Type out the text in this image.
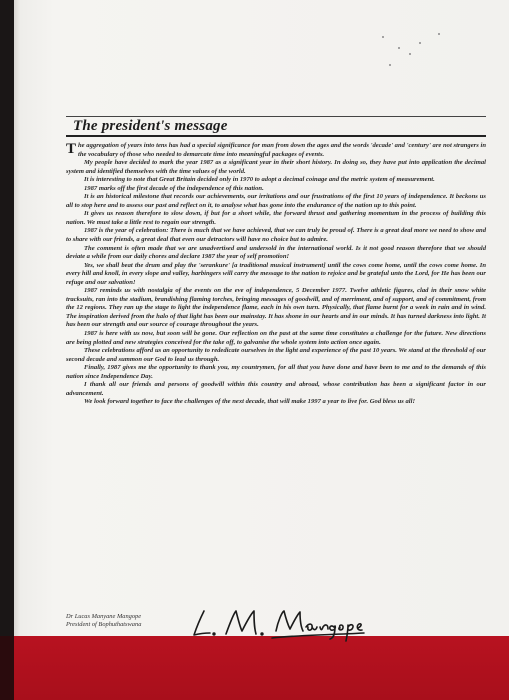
The president's message

The aggregation of years into tens has had a special significance for man from down the ages and the words 'decade' and 'century' are not strangers in the vocabulary of those who needed to demarcate time into meaningful packages of events.

My people have decided to mark the year 1987 as a significant year in their short history. In doing so, they have put into application the decimal system and identified themselves with the time values of the world.

It is interesting to note that Great Britain decided only in 1970 to adopt a decimal coinage and the metric system of measurement.

1987 marks off the first decade of the independence of this nation.

It is an historical milestone that records our achievements, our irritations and our frustrations of the first 10 years of independence. It beckons us all to stop here and to assess our past and reflect on it, to analyse what has gone into the endurance of the nation up to this point.

It gives us reason therefore to slow down, if but for a short while, the forward thrust and gathering momentum in the process of building this nation. We must take a little rest to regain our strength.

1987 is the year of celebration: There is much that we have achieved, that we can truly be proud of. There is a great deal more we need to show and to share with our friends, a great deal that even our detractors will have no choice but to admire.

The comment is often made that we are unadvertised and undersold in the international world. Is it not good reason therefore that we should deviate a while from our daily chores and declare 1987 the year of self promotion!

Yes, we shall beat the drum and play the 'serankure' [a traditional musical instrument] until the cows come home, until the cows come home. In every hill and knoll, in every slope and valley, harbingers will carry the message to the nation to rejoice and be grateful unto the Lord, for He has been our refuge and our salvation!

1987 reminds us with nostalgia of the events on the eve of independence, 5 December 1977. Twelve athletic figures, clad in their snow white tracksuits, ran into the stadium, brandishing flaming torches, bringing messages of goodwill, and of merriment, and of support, and of commitment, from the 12 regions. They ran up the stage to light the independence flame, each in his own turn. Physically, that flame burnt for a week in rain and in wind. The inspiration derived from the halo of that light has been our mainstay. It has shone in our hearts and in our minds. It has turned darkness into light. It has been our strength and our source of courage throughout the years.

1987 is here with us now, but soon will be gone. Our reflection on the past at the same time constitutes a challenge for the future. New directions are being plotted and new strategies conceived for the take off, to galvanise the whole system into action once again.

These celebrations afford us an opportunity to rededicate ourselves in the light and experience of the past 10 years. We stand at the threshold of our second decade and summon our God to lead us through.

Finally, 1987 gives me the opportunity to thank you, my countrymen, for all that you have done and have been to me and to the demands of this nation since Independence Day.

I thank all our friends and persons of goodwill within this country and abroad, whose contribution has been a significant factor in our advancement.

We look forward together to face the challenges of the next decade, that will make 1997 a year to live for. God bless us all!

Dr Lucas Manyane Mangope
President of Bophuthatswana
